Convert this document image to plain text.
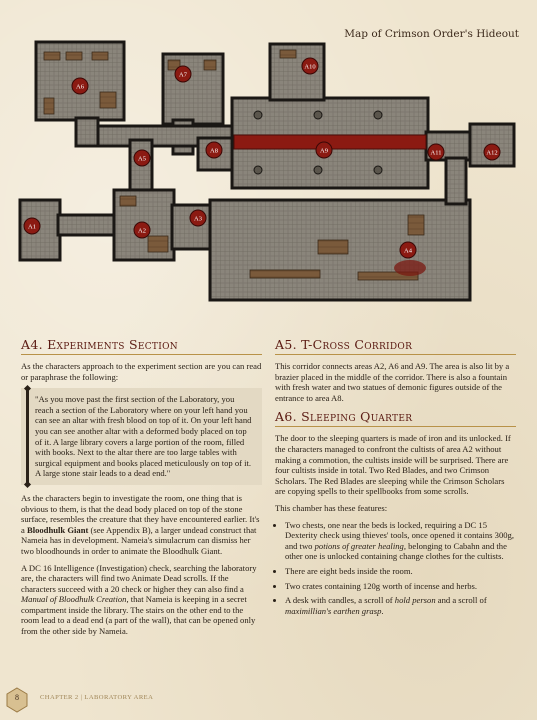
Map of Crimson Order's Hideout
A6
A7
A10
A5
A8	A9	A11	A12
A3
A1
A2
A4
A4. Experiments Section

As the characters approach to the experiment section are you can read or paraphrase the following:

"As you move past the first section of the Laboratory, you reach a section of the Laboratory where on your left hand you can see an altar with fresh blood on top of it. On your left hand you can see another altar with a deformed body placed on top of it. A large library covers a large portion of the room, filled with books. Next to the altar there are too large tables with surgical equipment and books placed meticulously on top of it. A large stone stair leads to a dead end."

As the characters begin to investigate the room, one thing that is obvious to them, is that the dead body placed on top of the stone surface, resembles the creature that they have encountered earlier. It's a Bloodhulk Giant (see Appendix B), a larger undead construct that Nameia has in development. Nameia's simulacrum can dismiss her two bloodhounds in order to animate the Bloodhulk Giant.

A DC 16 Intelligence (Investigation) check, searching the laboratory are, the characters will find two Animate Dead scrolls. If the characters succeed with a 20 check or higher they can also find a Manual of Bloodhulk Creation, that Nameia is keeping in a secret compartment inside the library. The stairs on the other end to the room lead to a dead end (a part of the wall), that can be opened only from the other side by Nameia.

A5. T-Cross Corridor

This corridor connects areas A2, A6 and A9. The area is also lit by a brazier placed in the middle of the corridor. There is also a fountain with fresh water and two statues of demonic figures outside of the entrance to area A8.

A6. Sleeping Quarter

The door to the sleeping quarters is made of iron and its unlocked. If the characters managed to confront the cultists of area A2 without making a commotion, the cultists inside will be surprised. There are four cultists inside in total. Two Red Blades, and two Crimson Scholars. The Red Blades are sleeping while the Crimson Scholars are copying spells to their spellbooks from some scrolls.

This chamber has these features:

• Two chests, one near the beds is locked, requiring a DC 15 Dexterity check using thieves' tools, once opened it contains 300g, and two potions of greater healing, belonging to Cabahn and the other one is unlocked containing change clothes for the cultists.
• There are eight beds inside the room.
• Two crates containing 120g worth of incense and herbs.
• A desk with candles, a scroll of hold person and a scroll of maximillian's earthen grasp.
8	CHAPTER 2 | LABORATORY AREA
